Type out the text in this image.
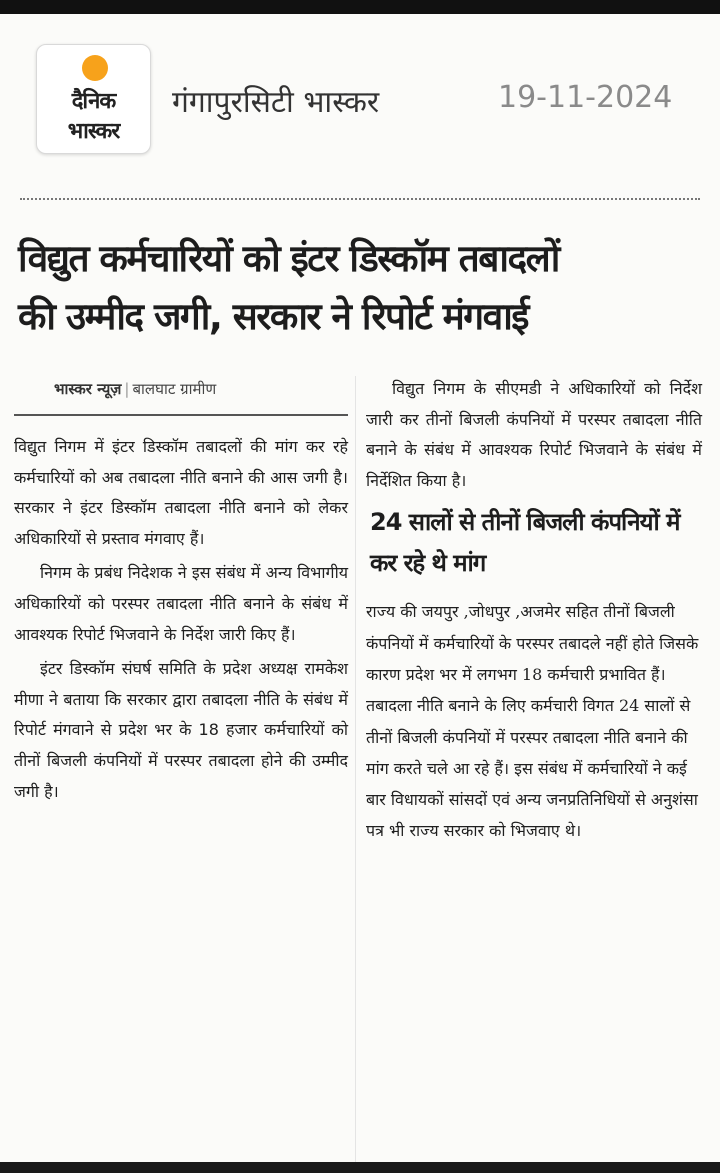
दैनिक
भास्कर
गंगापुरसिटी भास्कर	19-11-2024
विद्युत कर्मचारियों को इंटर डिस्कॉम तबादलों
की उम्मीद जगी, सरकार ने रिपोर्ट मंगवाई
भास्कर न्यूज़ | बालघाट ग्रामीण

विद्युत निगम में इंटर डिस्कॉम तबादलों की मांग कर रहे कर्मचारियों को अब तबादला नीति बनाने की आस जगी है। सरकार ने इंटर डिस्कॉम तबादला नीति बनाने को लेकर अधिकारियों से प्रस्ताव मंगवाए हैं।

निगम के प्रबंध निदेशक ने इस संबंध में अन्य विभागीय अधिकारियों को परस्पर तबादला नीति बनाने के संबंध में आवश्यक रिपोर्ट भिजवाने के निर्देश जारी किए हैं।

इंटर डिस्कॉम संघर्ष समिति के प्रदेश अध्यक्ष रामकेश मीणा ने बताया कि सरकार द्वारा तबादला नीति के संबंध में रिपोर्ट मंगवाने से प्रदेश भर के 18 हजार कर्मचारियों को तीनों बिजली कंपनियों में परस्पर तबादला होने की उम्मीद जगी है।

विद्युत निगम के सीएमडी ने अधिकारियों को निर्देश जारी कर तीनों बिजली कंपनियों में परस्पर तबादला नीति बनाने के संबंध में आवश्यक रिपोर्ट भिजवाने के संबंध में निर्देशित किया है।

24 सालों से तीनों बिजली कंपनियों में कर रहे थे मांग

राज्य की जयपुर ,जोधपुर ,अजमेर सहित तीनों बिजली कंपनियों में कर्मचारियों के परस्पर तबादले नहीं होते जिसके कारण प्रदेश भर में लगभग 18 कर्मचारी प्रभावित हैं। तबादला नीति बनाने के लिए कर्मचारी विगत 24 सालों से तीनों बिजली कंपनियों में परस्पर तबादला नीति बनाने की मांग करते चले आ रहे हैं। इस संबंध में कर्मचारियों ने कई बार विधायकों सांसदों एवं अन्य जनप्रतिनिधियों से अनुशंसा पत्र भी राज्य सरकार को भिजवाए थे।
